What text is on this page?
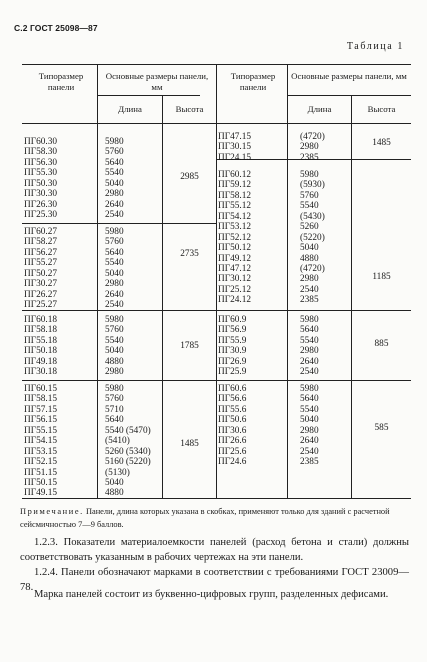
С.2 ГОСТ 25098—87
Таблица 1
Типоразмер панели
Основные размеры панели, мм
Длина	Высота
Типоразмер панели
Основные размеры панели, мм
Длина	Высота
ПГ60.30
ПГ58.30
ПГ56.30
ПГ55.30
ПГ50.30
ПГ30.30
ПГ26.30
ПГ25.30
5980
5760
5640
5540
5040
2980
2640
2540
2985
ПГ60.27
ПГ58.27
ПГ56.27
ПГ55.27
ПГ50.27
ПГ30.27
ПГ26.27
ПГ25.27
5980
5760
5640
5540
5040
2980
2640
2540
2735
ПГ60.18
ПГ58.18
ПГ55.18
ПГ50.18
ПГ49.18
ПГ30.18
5980
5760
5540
5040
4880
2980
1785
ПГ60.15
ПГ58.15
ПГ57.15
ПГ56.15
ПГ55.15
ПГ54.15
ПГ53.15
ПГ52.15
ПГ51.15
ПГ50.15
ПГ49.15
5980
5760
5710
5640
5540 (5470)
(5410)
5260 (5340)
5160 (5220)
(5130)
5040
4880
1485
ПГ47.15
ПГ30.15
ПГ24.15
(4720)
2980
2385
1485
ПГ60.12
ПГ59.12
ПГ58.12
ПГ55.12
ПГ54.12
ПГ53.12
ПГ52.12
ПГ50.12
ПГ49.12
ПГ47.12
ПГ30.12
ПГ25.12
ПГ24.12
5980
(5930)
5760
5540
(5430)
5260
(5220)
5040
4880
(4720)
2980
2540
2385
1185
ПГ60.9
ПГ56.9
ПГ55.9
ПГ30.9
ПГ26.9
ПГ25.9
5980
5640
5540
2980
2640
2540
885
ПГ60.6
ПГ56.6
ПГ55.6
ПГ50.6
ПГ30.6
ПГ26.6
ПГ25.6
ПГ24.6
5980
5640
5540
5040
2980
2640
2540
2385
585
Примечание. Панели, длина которых указана в скобках, применяют только для зданий с расчетной сейсмичностью 7—9 баллов.
1.2.3. Показатели материалоемкости панелей (расход бетона и стали) должны соответствовать указанным в рабочих чертежах на эти панели.
1.2.4. Панели обозначают марками в соответствии с требованиями ГОСТ 23009—78.
Марка панелей состоит из буквенно-цифровых групп, разделенных дефисами.
